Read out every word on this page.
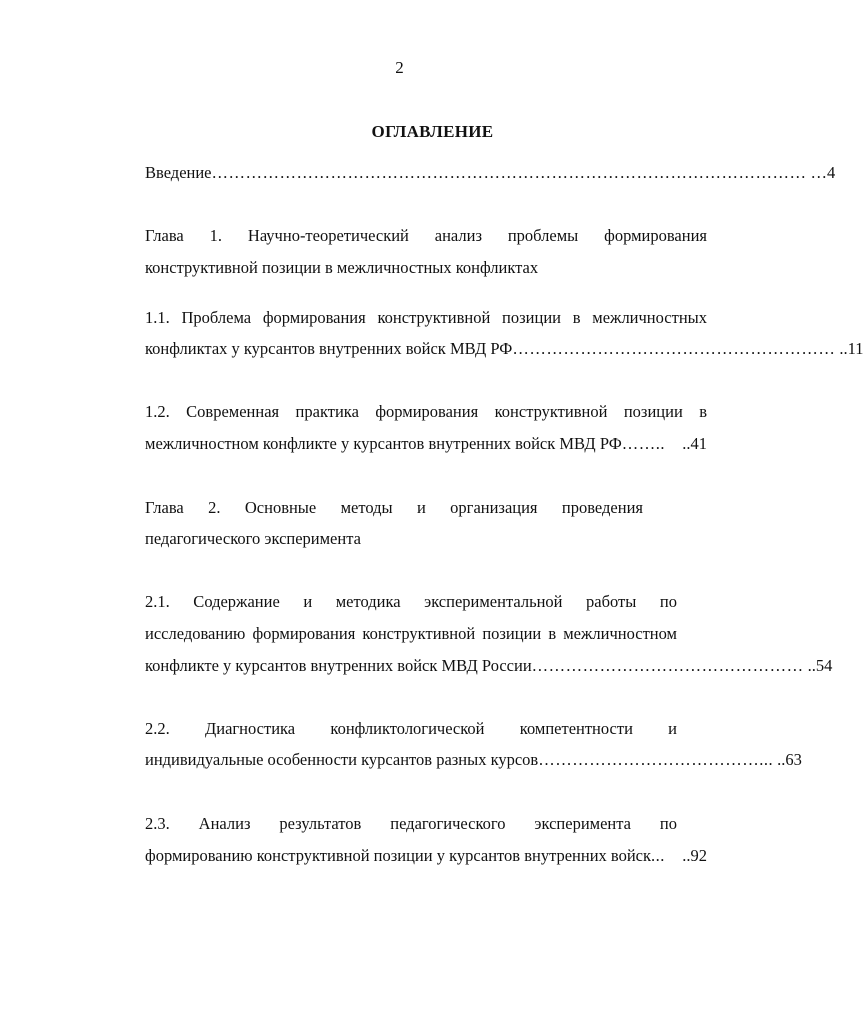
2
ОГЛАВЛЕНИЕ
Введение …………………………………………………………………………………………… …4
Глава 1. Научно-теоретический анализ проблемы формирования
конструктивной позиции в межличностных конфликтах
1.1. Проблема формирования конструктивной позиции в межличностных
конфликтах у курсантов внутренних войск МВД РФ ………………………………………………… ..11
1.2. Современная практика формирования конструктивной позиции в
межличностном конфликте у курсантов внутренних войск МВД РФ ……..	..41
Глава 2. Основные методы и организация проведения
педагогического эксперимента
2.1. Содержание и методика экспериментальной работы по
исследованию формирования конструктивной позиции в межличностном
конфликте у курсантов внутренних войск МВД России ………………………………………… ..54
2.2. Диагностика конфликтологической компетентности и
индивидуальные особенности курсантов разных курсов …………………………………... ..63
2.3. Анализ результатов педагогического эксперимента по
формированию конструктивной позиции у курсантов внутренних войск ...	..92
